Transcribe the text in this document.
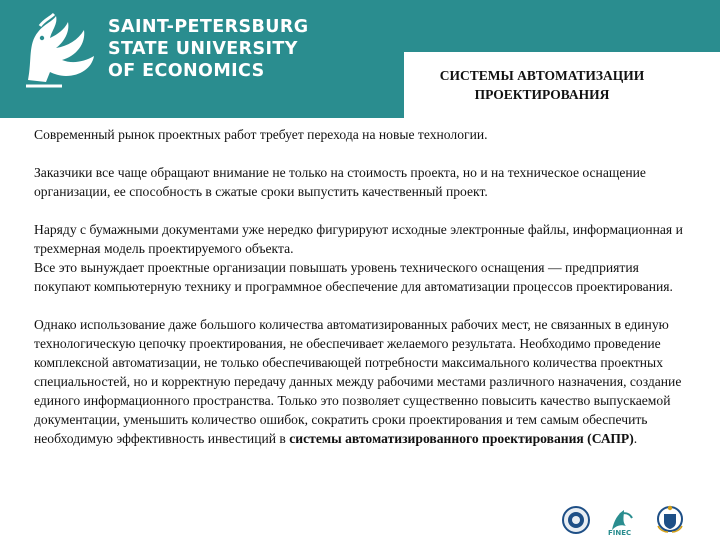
SAINT-PETERSBURG
STATE UNIVERSITY
OF ECONOMICS	СИСТЕМЫ АВТОМАТИЗАЦИИ
ПРОЕКТИРОВАНИЯ

Современный рынок проектных работ требует перехода на новые технологии.

Заказчики все чаще обращают внимание не только на стоимость проекта, но и на техническое оснащение организации, ее способность в сжатые сроки выпустить качественный проект.

Наряду с бумажными документами уже нередко фигурируют исходные электронные файлы, информационная и трехмерная модель проектируемого объекта.

Все это вынуждает проектные организации повышать уровень технического оснащения — предприятия покупают компьютерную технику и программное обеспечение для автоматизации процессов проектирования.

Однако использование даже большого количества автоматизированных рабочих мест, не связанных в единую технологическую цепочку проектирования, не обеспечивает желаемого результата. Необходимо проведение комплексной автоматизации, не только обеспечивающей потребности максимального количества проектных специальностей, но и корректную передачу данных между рабочими местами различного назначения, создание единого информационного пространства. Только это позволяет существенно повысить качество выпускаемой документации, уменьшить количество ошибок, сократить сроки проектирования и тем самым обеспечить необходимую эффективность инвестиций в системы автоматизированного проектирования (САПР).

FINEC
